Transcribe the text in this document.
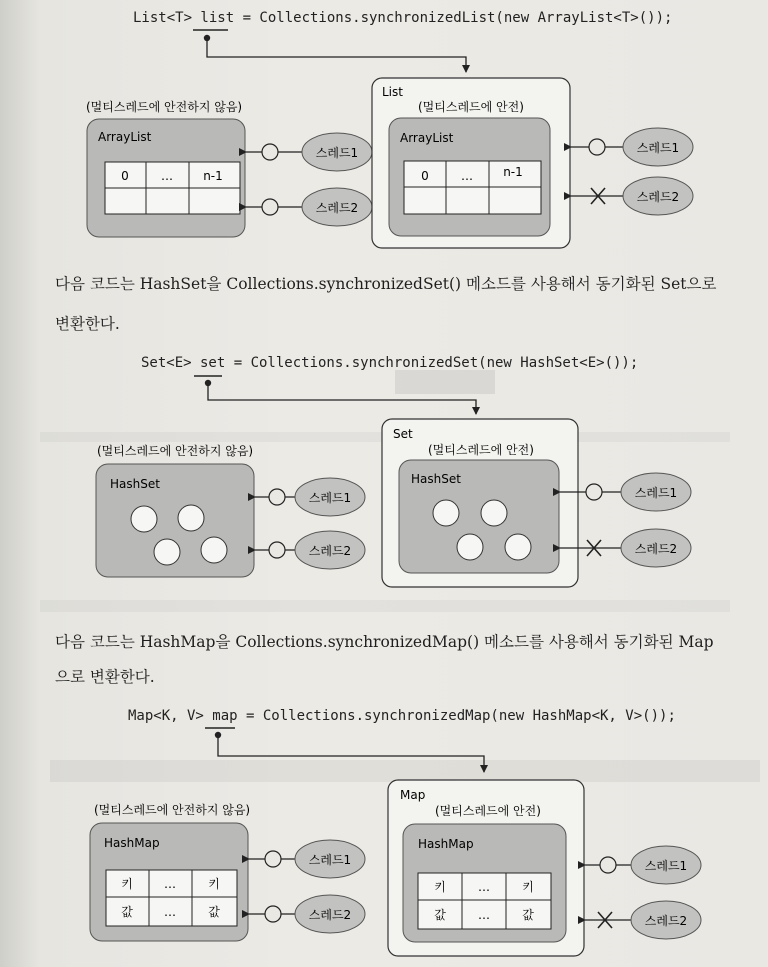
List<T> list = Collections.synchronizedList(new ArrayList<T>());
(멀티스레드에 안전하지 않음)
ArrayList
0	…	n-1
스레드1
스레드2
List
(멀티스레드에 안전)
ArrayList
0	…	n-1
스레드1
스레드2
다음 코드는 HashSet을 Collections.synchronizedSet() 메소드를 사용해서 동기화된 Set으로
변환한다.
Set<E> set = Collections.synchronizedSet(new HashSet<E>());
(멀티스레드에 안전하지 않음)
HashSet
스레드1
스레드2
Set
(멀티스레드에 안전)
HashSet
스레드1
스레드2
다음 코드는 HashMap을 Collections.synchronizedMap() 메소드를 사용해서 동기화된 Map
으로 변환한다.
Map<K, V> map = Collections.synchronizedMap(new HashMap<K, V>());
(멀티스레드에 안전하지 않음)
HashMap
키	…	키
값	…	값
스레드1
스레드2
Map
(멀티스레드에 안전)
HashMap
키	…	키
값	…	값
스레드1
스레드2
